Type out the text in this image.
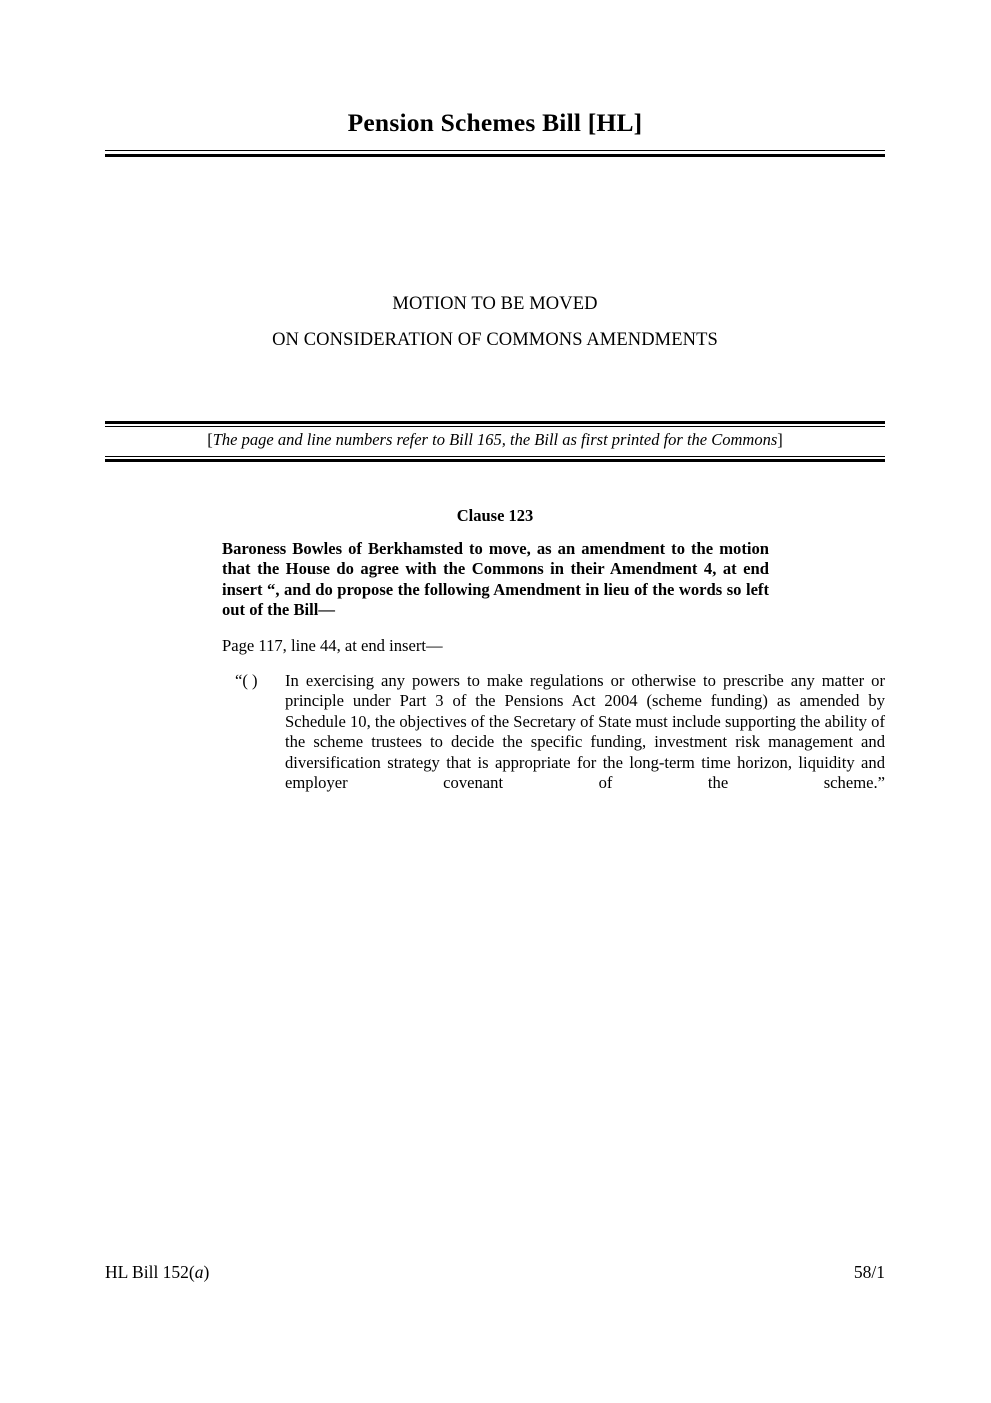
Pension Schemes Bill [HL]
MOTION TO BE MOVED
ON CONSIDERATION OF COMMONS AMENDMENTS
[The page and line numbers refer to Bill 165, the Bill as first printed for the Commons]
Clause 123
Baroness Bowles of Berkhamsted to move, as an amendment to the motion that the House do agree with the Commons in their Amendment 4, at end insert “, and do propose the following Amendment in lieu of the words so left out of the Bill—
Page 117, line 44, at end insert—
“( )	In exercising any powers to make regulations or otherwise to prescribe any matter or principle under Part 3 of the Pensions Act 2004 (scheme funding) as amended by Schedule 10, the objectives of the Secretary of State must include supporting the ability of the scheme trustees to decide the specific funding, investment risk management and diversification strategy that is appropriate for the long-term time horizon, liquidity and employer covenant of the scheme.”
HL Bill 152(a)	58/1
